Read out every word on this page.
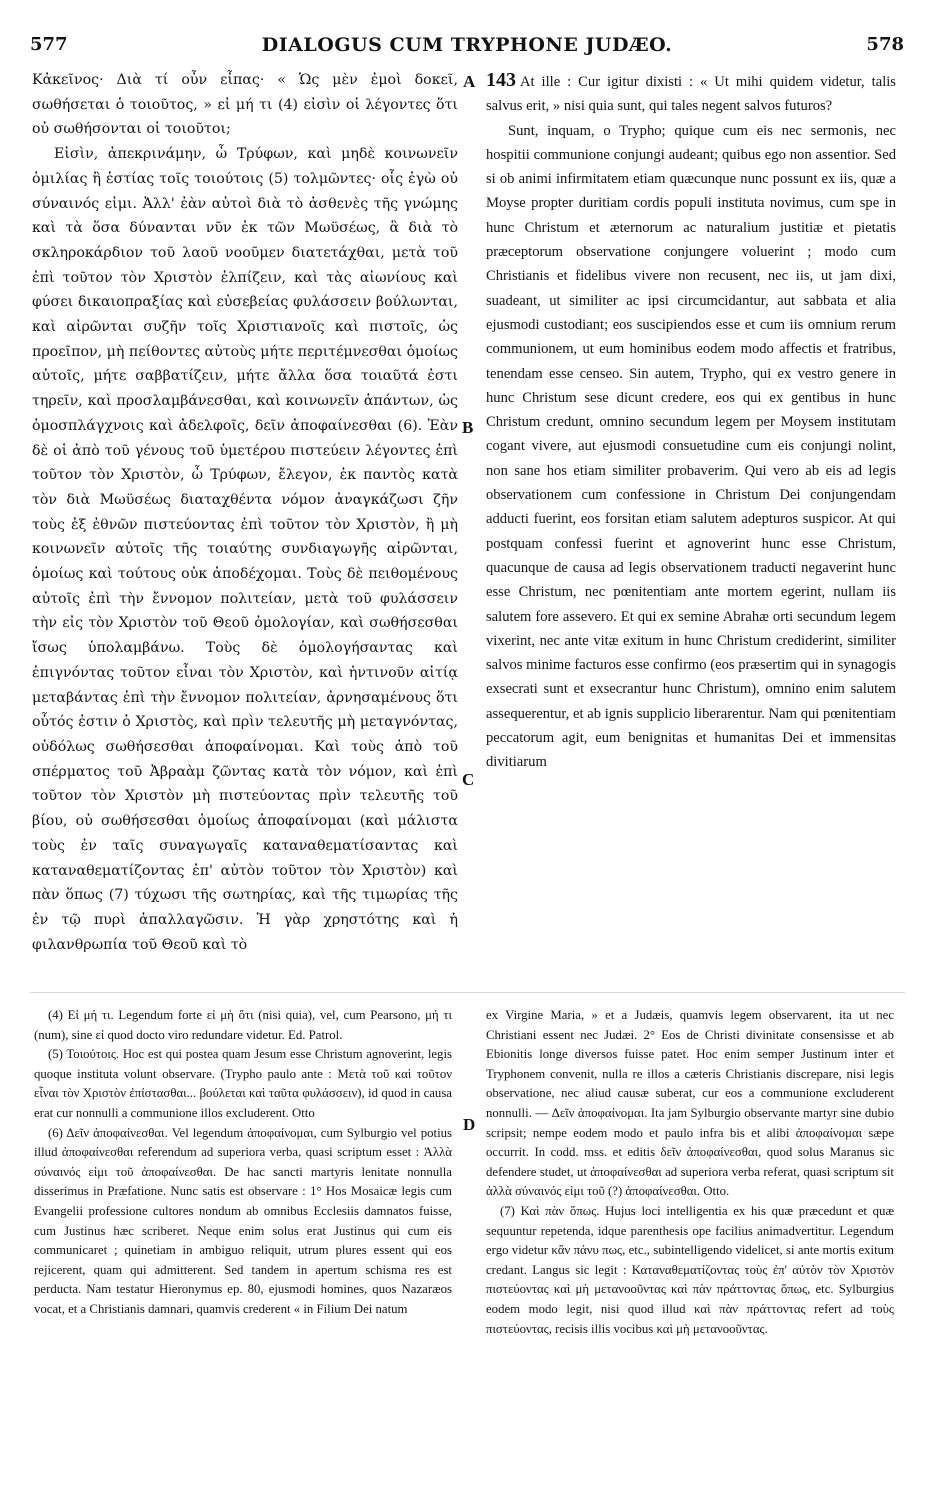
577	DIALOGUS CUM TRYPHONE JUDÆO.	578

Κἀκεῖνος· Διὰ τί οὖν εἶπας· « Ὡς μὲν ἐμοὶ δοκεῖ, σωθήσεται ὁ τοιοῦτος, » εἰ μή τι (4) εἰσὶν οἱ λέγοντες ὅτι οὐ σωθήσονται οἱ τοιοῦτοι;

Εἰσὶν, ἀπεκρινάμην, ὦ Τρύφων, καὶ μηδὲ κοινωνεῖν ὁμιλίας ἢ ἑστίας τοῖς τοιούτοις (5) τολμῶντες· οἷς ἐγὼ οὐ σύναινός εἰμι. Ἀλλ' ἐὰν αὐτοὶ διὰ τὸ ἀσθενὲς τῆς γνώμης καὶ τὰ ὅσα δύνανται νῦν ἐκ τῶν Μωϋσέως, ἃ διὰ τὸ σκληροκάρδιον τοῦ λαοῦ νοοῦμεν διατετάχθαι, μετὰ τοῦ ἐπὶ τοῦτον τὸν Χριστὸν ἐλπίζειν, καὶ τὰς αἰωνίους καὶ φύσει δικαιοπραξίας καὶ εὐσεβείας φυλάσσειν βούλωνται, καὶ αἱρῶνται συζῆν τοῖς Χριστιανοῖς καὶ πιστοῖς, ὡς προεῖπον, μὴ πείθοντες αὐτοὺς μήτε περιτέμνεσθαι ὁμοίως αὐτοῖς, μήτε σαββατίζειν, μήτε ἄλλα ὅσα τοιαῦτά ἐστι τηρεῖν, καὶ προσλαμβάνεσθαι, καὶ κοινωνεῖν ἁπάντων, ὡς ὁμοσπλάγχνοις καὶ ἀδελφοῖς, δεῖν ἀποφαίνεσθαι (6). Ἐὰν δὲ οἱ ἀπὸ τοῦ γένους τοῦ ὑμετέρου πιστεύειν λέγοντες ἐπὶ τοῦτον τὸν Χριστὸν, ὦ Τρύφων, ἔλεγον, ἐκ παντὸς κατὰ τὸν διὰ Μωϋσέως διαταχθέντα νόμον ἀναγκάζωσι ζῆν τοὺς ἐξ ἐθνῶν πιστεύοντας ἐπὶ τοῦτον τὸν Χριστὸν, ἢ μὴ κοινωνεῖν αὐτοῖς τῆς τοιαύτης συνδιαγωγῆς αἱρῶνται, ὁμοίως καὶ τούτους οὐκ ἀποδέχομαι. Τοὺς δὲ πειθομένους αὐτοῖς ἐπὶ τὴν ἔννομον πολιτείαν, μετὰ τοῦ φυλάσσειν τὴν εἰς τὸν Χριστὸν τοῦ Θεοῦ ὁμολογίαν, καὶ σωθήσεσθαι ἴσως ὑπολαμβάνω. Τοὺς δὲ ὁμολογήσαντας καὶ ἐπιγνόντας τοῦτον εἶναι τὸν Χριστὸν, καὶ ἡντινοῦν αἰτίᾳ μεταβάντας ἐπὶ τὴν ἔννομον πολιτείαν, ἀρνησαμένους ὅτι οὗτός ἐστιν ὁ Χριστὸς, καὶ πρὶν τελευτῆς μὴ μεταγνόντας, οὐδόλως σωθήσεσθαι ἀποφαίνομαι. Καὶ τοὺς ἀπὸ τοῦ σπέρματος τοῦ Ἀβραὰμ ζῶντας κατὰ τὸν νόμον, καὶ ἐπὶ τοῦτον τὸν Χριστὸν μὴ πιστεύοντας πρὶν τελευτῆς τοῦ βίου, οὐ σωθήσεσθαι ὁμοίως ἀποφαίνομαι (καὶ μάλιστα τοὺς ἐν ταῖς συναγωγαῖς καταναθεματίσαντας καὶ καταναθεματίζοντας ἐπ' αὐτὸν τοῦτον τὸν Χριστὸν) καὶ πὰν ὅπως (7) τύχωσι τῆς σωτηρίας, καὶ τῆς τιμωρίας τῆς ἐν τῷ πυρὶ ἀπαλλαγῶσιν. Ἡ γὰρ χρηστότης καὶ ἡ φιλανθρωπία τοῦ Θεοῦ καὶ τὸ

A
B
C
D

143 At ille : Cur igitur dixisti : « Ut mihi quidem videtur, talis salvus erit, » nisi quia sunt, qui tales negent salvos futuros?

Sunt, inquam, o Trypho; quique cum eis nec sermonis, nec hospitii communione conjungi audeant; quibus ego non assentior. Sed si ob animi infirmitatem etiam quæcunque nunc possunt ex iis, quæ a Moyse propter duritiam cordis populi instituta novimus, cum spe in hunc Christum et æternorum ac naturalium justitiæ et pietatis præceptorum observatione conjungere voluerint ; modo cum Christianis et fidelibus vivere non recusent, nec iis, ut jam dixi, suadeant, ut similiter ac ipsi circumcidantur, aut sabbata et alia ejusmodi custodiant; eos suscipiendos esse et cum iis omnium rerum communionem, ut eum hominibus eodem modo affectis et fratribus, tenendam esse censeo. Sin autem, Trypho, qui ex vestro genere in hunc Christum sese dicunt credere, eos qui ex gentibus in hunc Christum credunt, omnino secundum legem per Moysem institutam cogant vivere, aut ejusmodi consuetudine cum eis conjungi nolint, non sane hos etiam similiter probaverim. Qui vero ab eis ad legis observationem cum confessione in Christum Dei conjungendam adducti fuerint, eos forsitan etiam salutem adepturos suspicor. At qui postquam confessi fuerint et agnoverint hunc esse Christum, quacunque de causa ad legis observationem traducti negaverint hunc esse Christum, nec pœnitentiam ante mortem egerint, nullam iis salutem fore assevero. Et qui ex semine Abrahæ orti secundum legem vixerint, nec ante vitæ exitum in hunc Christum crediderint, similiter salvos minime facturos esse confirmo (eos præsertim qui in synagogis exsecrati sunt et exsecrantur hunc Christum), omnino enim salutem assequerentur, et ab ignis supplicio liberarentur. Nam qui pœnitentiam peccatorum agit, eum benignitas et humanitas Dei et immensitas divitiarum

(4) Εἰ μή τι. Legendum forte εἰ μὴ ὅτι (nisi quia), vel, cum Pearsono, μή τι (num), sine εἰ quod docto viro redundare videtur. Ed. Patrol.

(5) Τοιούτοις. Hoc est qui postea quam Jesum esse Christum agnoverint, legis quoque instituta volunt observare. (Trypho paulo ante : Μετὰ τοῦ καὶ τοῦτον εἶναι τὸν Χριστὸν ἐπίστασθαι... βούλεται καὶ ταῦτα φυλάσσειν), id quod in causa erat cur nonnulli a communione illos excluderent. Otto

(6) Δεῖν ἀποφαίνεσθαι. Vel legendum ἀποφαίνομαι, cum Sylburgio vel potius illud ἀποφαίνεσθαι referendum ad superiora verba, quasi scriptum esset : Ἀλλὰ σύναινός εἰμι τοῦ ἀποφαίνεσθαι. De hac sancti martyris lenitate nonnulla disserimus in Præfatione. Nunc satis est observare : 1° Hos Mosaicæ legis cum Evangelii professione cultores nondum ab omnibus Ecclesiis damnatos fuisse, cum Justinus hæc scriberet. Neque enim solus erat Justinus qui cum eis communicaret ; quinetiam in ambiguo reliquit, utrum plures essent qui eos rejicerent, quam qui admitterent. Sed tandem in apertum schisma res est perducta. Nam testatur Hieronymus ep. 80, ejusmodi homines, quos Nazaræos vocat, et a Christianis damnari, quamvis crederent « in Filium Dei natum

ex Virgine Maria, » et a Judæis, quamvis legem observarent, ita ut nec Christiani essent nec Judæi. 2° Eos de Christi divinitate consensisse et ab Ebionitis longe diversos fuisse patet. Hoc enim semper Justinum inter et Tryphonem convenit, nulla re illos a cæteris Christianis discrepare, nisi legis observatione, nec aliud causæ suberat, cur eos a communione excluderent nonnulli. — Δεῖν ἀποφαίνομαι. Ita jam Sylburgio observante martyr sine dubio scripsit; nempe eodem modo et paulo infra bis et alibi ἀποφαίνομαι sæpe occurrit. In codd. mss. et editis δεῖν ἀποφαίνεσθαι, quod solus Maranus sic defendere studet, ut ἀποφαίνεσθαι ad superiora verba referat, quasi scriptum sit ἀλλὰ σύναινός εἰμι τοῦ (?) ἀποφαίνεσθαι. Otto.

(7) Καὶ πὰν ὅπως. Hujus loci intelligentia ex his quæ præcedunt et quæ sequuntur repetenda, idque parenthesis ope facilius animadvertitur. Legendum ergo videtur κἂν πάνυ πως, etc., subintelligendo videlicet, si ante mortis exitum credant. Langus sic legit : Καταναθεματίζοντας τοὺς ἐπ' αὐτὸν τὸν Χριστὸν πιστεύοντας καὶ μὴ μετανοοῦντας καὶ πὰν πράττοντας ὅπως, etc. Sylburgius eodem modo legit, nisi quod illud καὶ πὰν πράττοντας refert ad τοὺς πιστεύοντας, recisis illis vocibus καὶ μὴ μετανοοῦντας.
